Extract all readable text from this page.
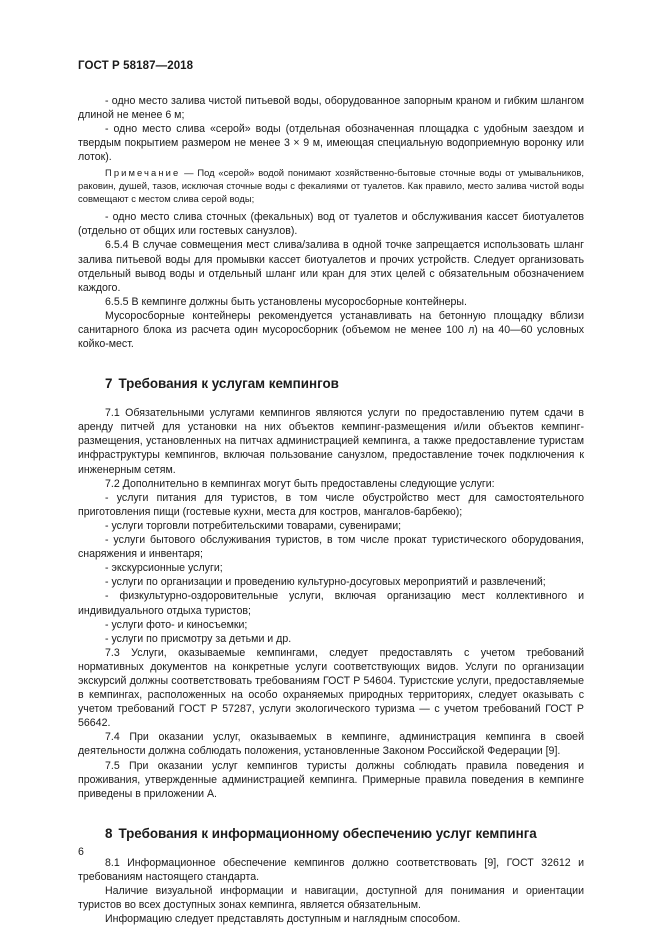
ГОСТ Р 58187—2018

- одно место залива чистой питьевой воды, оборудованное запорным краном и гибким шлангом длиной не менее 6 м;

- одно место слива «серой» воды (отдельная обозначенная площадка с удобным заездом и твердым покрытием размером не менее 3 × 9 м, имеющая специальную водоприемную воронку или лоток).

Примечание — Под «серой» водой понимают хозяйственно-бытовые сточные воды от умывальников, раковин, душей, тазов, исключая сточные воды с фекалиями от туалетов. Как правило, место залива чистой воды совмещают с местом слива серой воды;

- одно место слива сточных (фекальных) вод от туалетов и обслуживания кассет биотуалетов (отдельно от общих или гостевых санузлов).

6.5.4 В случае совмещения мест слива/залива в одной точке запрещается использовать шланг залива питьевой воды для промывки кассет биотуалетов и прочих устройств. Следует организовать отдельный вывод воды и отдельный шланг или кран для этих целей с обязательным обозначением каждого.

6.5.5 В кемпинге должны быть установлены мусоросборные контейнеры.

Мусоросборные контейнеры рекомендуется устанавливать на бетонную площадку вблизи санитарного блока из расчета один мусоросборник (объемом не менее 100 л) на 40—60 условных койко-мест.

7 Требования к услугам кемпингов

7.1 Обязательными услугами кемпингов являются услуги по предоставлению путем сдачи в аренду питчей для установки на них объектов кемпинг-размещения и/или объектов кемпинг-размещения, установленных на питчах администрацией кемпинга, а также предоставление туристам инфраструктуры кемпингов, включая пользование санузлом, предоставление точек подключения к инженерным сетям.

7.2 Дополнительно в кемпингах могут быть предоставлены следующие услуги:

- услуги питания для туристов, в том числе обустройство мест для самостоятельного приготовления пищи (гостевые кухни, места для костров, мангалов-барбекю);

- услуги торговли потребительскими товарами, сувенирами;

- услуги бытового обслуживания туристов, в том числе прокат туристического оборудования, снаряжения и инвентаря;

- экскурсионные услуги;

- услуги по организации и проведению культурно-досуговых мероприятий и развлечений;

- физкультурно-оздоровительные услуги, включая организацию мест коллективного и индивидуального отдыха туристов;

- услуги фото- и киносъемки;

- услуги по присмотру за детьми и др.

7.3 Услуги, оказываемые кемпингами, следует предоставлять с учетом требований нормативных документов на конкретные услуги соответствующих видов. Услуги по организации экскурсий должны соответствовать требованиям ГОСТ Р 54604. Туристские услуги, предоставляемые в кемпингах, расположенных на особо охраняемых природных территориях, следует оказывать с учетом требований ГОСТ Р 57287, услуги экологического туризма — с учетом требований ГОСТ Р 56642.

7.4 При оказании услуг, оказываемых в кемпинге, администрация кемпинга в своей деятельности должна соблюдать положения, установленные Законом Российской Федерации [9].

7.5 При оказании услуг кемпингов туристы должны соблюдать правила поведения и проживания, утвержденные администрацией кемпинга. Примерные правила поведения в кемпинге приведены в приложении А.

8 Требования к информационному обеспечению услуг кемпинга

8.1 Информационное обеспечение кемпингов должно соответствовать [9], ГОСТ 32612 и требованиям настоящего стандарта.

Наличие визуальной информации и навигации, доступной для понимания и ориентации туристов во всех доступных зонах кемпинга, является обязательным.

Информацию следует представлять доступным и наглядным способом.

6
